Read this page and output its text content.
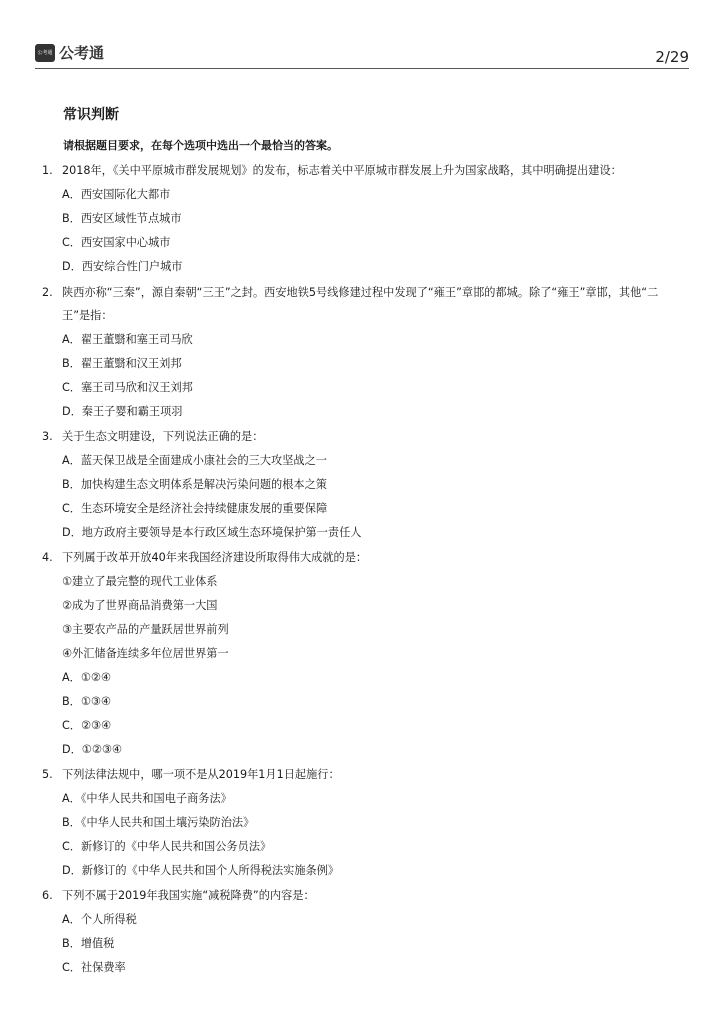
公考通 公考通	2/29
常识判断
请根据题目要求，在每个选项中选出一个最恰当的答案。
1. 2018年，《关中平原城市群发展规划》的发布，标志着关中平原城市群发展上升为国家战略，其中明确提出建设：
A．西安国际化大都市
B．西安区域性节点城市
C．西安国家中心城市
D．西安综合性门户城市
2. 陕西亦称“三秦”，源自秦朝“三王”之封。西安地铁5号线修建过程中发现了“雍王”章邯的都城。除了“雍王”章邯，其他“二
王”是指：
A．翟王董翳和塞王司马欣
B．翟王董翳和汉王刘邦
C．塞王司马欣和汉王刘邦
D．秦王子婴和霸王项羽
3. 关于生态文明建设，下列说法正确的是：
A．蓝天保卫战是全面建成小康社会的三大攻坚战之一
B．加快构建生态文明体系是解决污染问题的根本之策
C．生态环境安全是经济社会持续健康发展的重要保障
D．地方政府主要领导是本行政区域生态环境保护第一责任人
4. 下列属于改革开放40年来我国经济建设所取得伟大成就的是：
①建立了最完整的现代工业体系
②成为了世界商品消费第一大国
③主要农产品的产量跃居世界前列
④外汇储备连续多年位居世界第一
A．①②④
B．①③④
C．②③④
D．①②③④
5. 下列法律法规中，哪一项不是从2019年1月1日起施行：
A．《中华人民共和国电子商务法》
B．《中华人民共和国土壤污染防治法》
C．新修订的《中华人民共和国公务员法》
D．新修订的《中华人民共和国个人所得税法实施条例》
6. 下列不属于2019年我国实施“减税降费”的内容是：
A．个人所得税
B．增值税
C．社保费率
